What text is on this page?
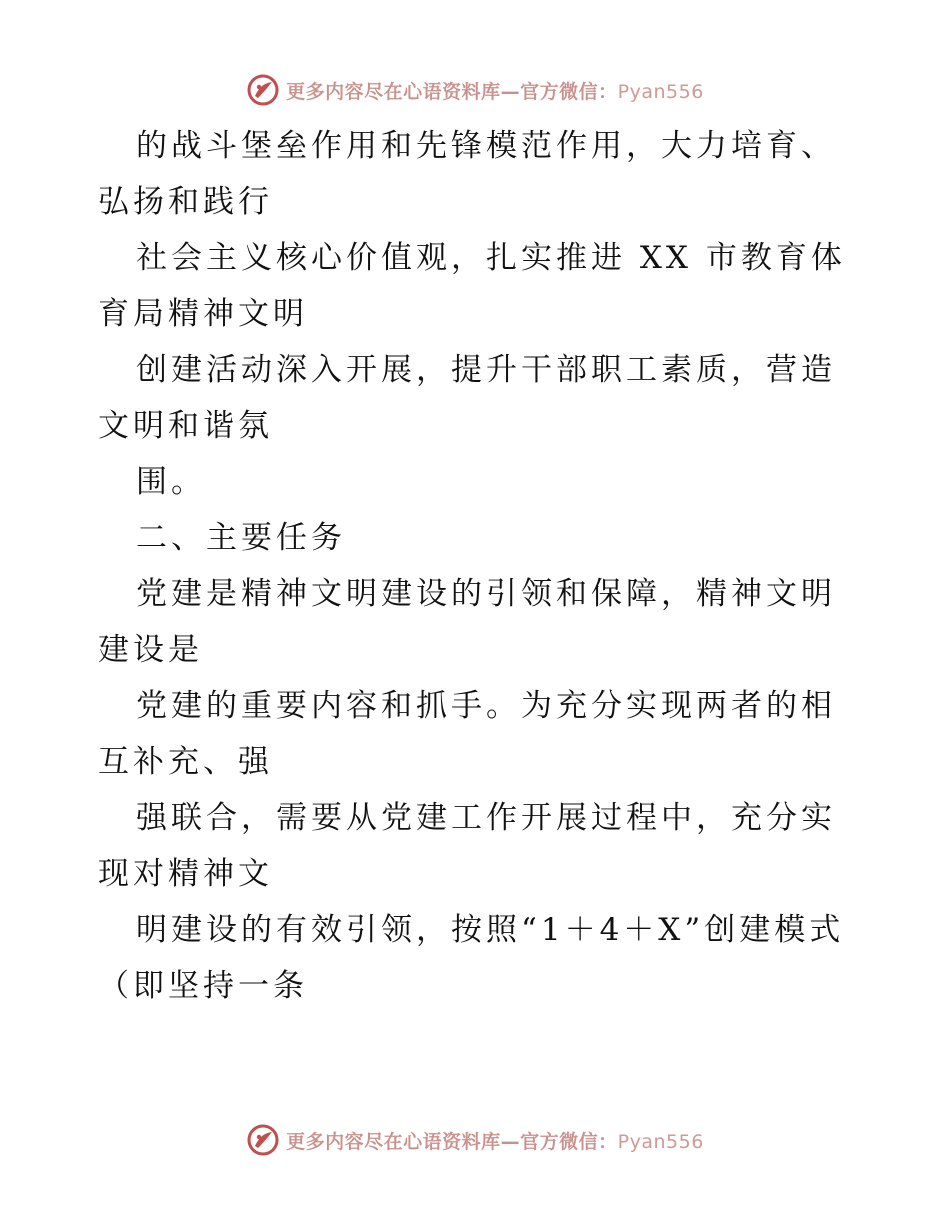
更多内容尽在心语资料库—官方微信：Pyan556

的战斗堡垒作用和先锋模范作用，大力培育、弘扬和践行

社会主义核心价值观，扎实推进 XX 市教育体育局精神文明

创建活动深入开展，提升干部职工素质，营造文明和谐氛

围。

二、主要任务

党建是精神文明建设的引领和保障，精神文明建设是

党建的重要内容和抓手。为充分实现两者的相互补充、强

强联合，需要从党建工作开展过程中，充分实现对精神文

明建设的有效引领，按照“1＋4＋X”创建模式（即坚持一条

更多内容尽在心语资料库—官方微信：Pyan556
